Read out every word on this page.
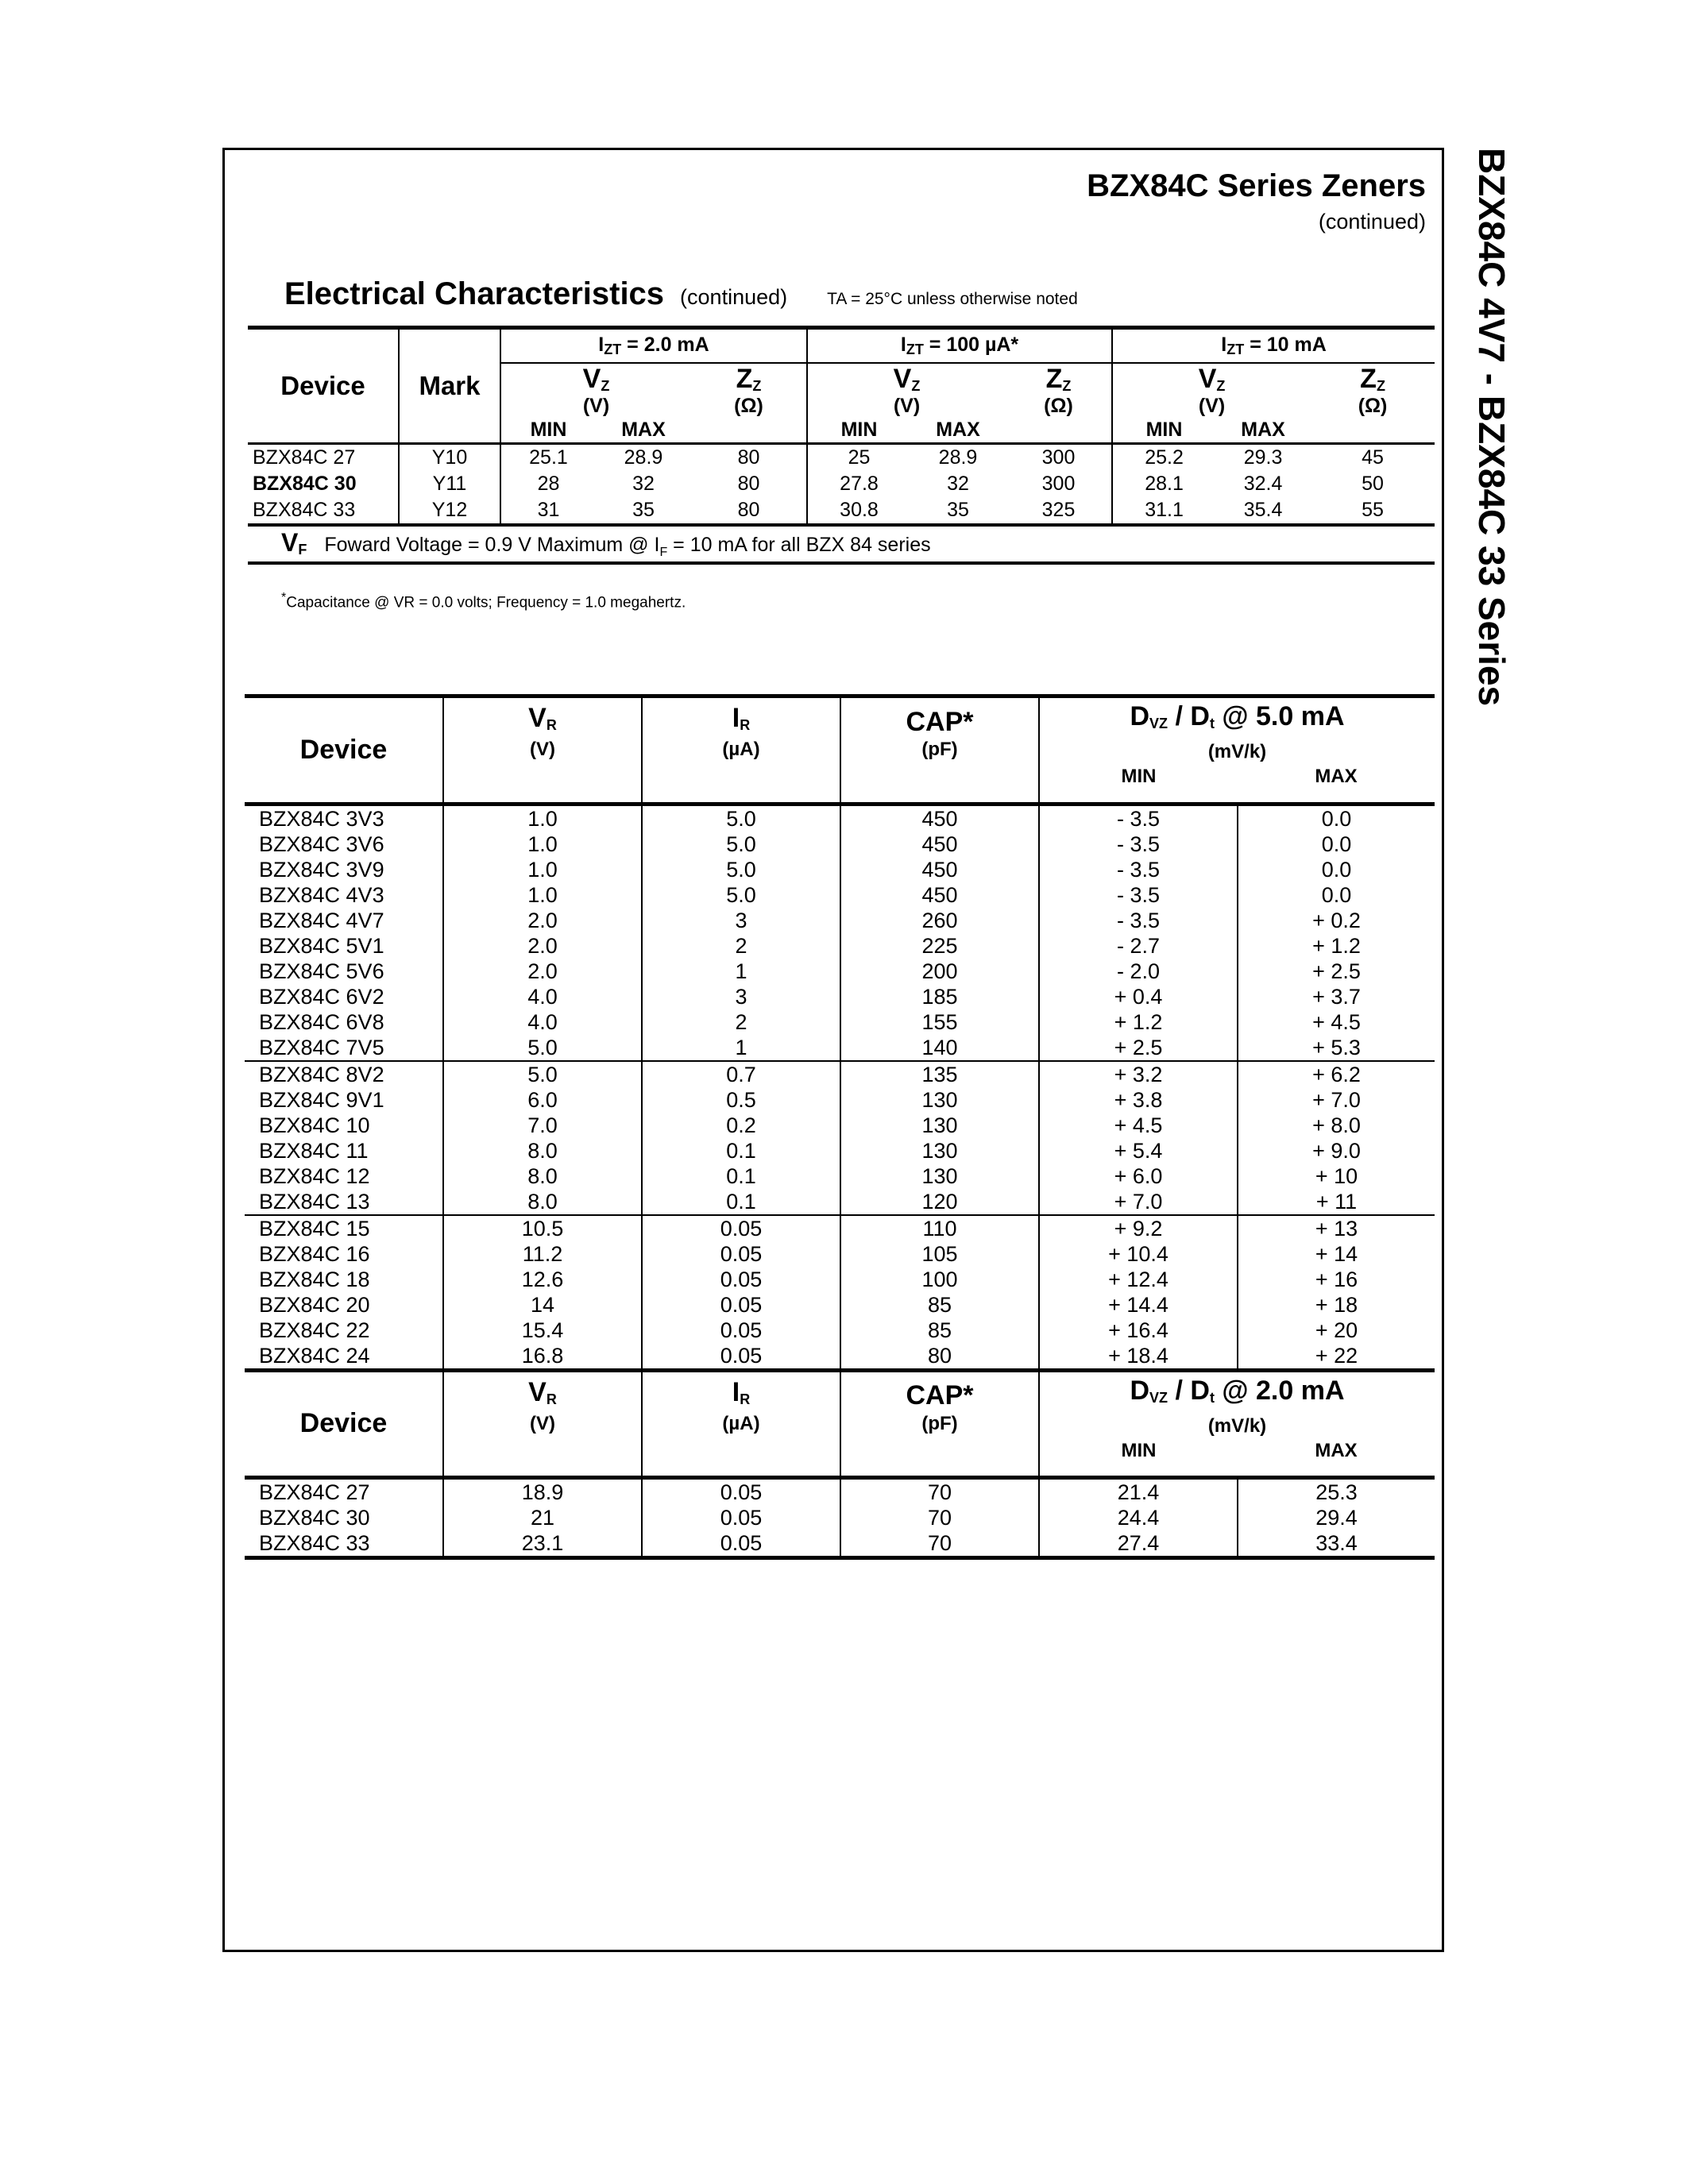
BZX84C 4V7 - BZX84C 33 Series
BZX84C Series Zeners
(continued)
Electrical Characteristics (continued) TA = 25°C unless otherwise noted
Device	Mark	IZT = 2.0 mA			IZT = 100 µA*			IZT = 10 mA		
		VZ		ZZ	VZ		ZZ	VZ		ZZ
		(V)		(Ω)	(V)		(Ω)	(V)		(Ω)
		MIN	MAX		MIN	MAX		MIN	MAX	
BZX84C 27	Y10	25.1	28.9	80	25	28.9	300	25.2	29.3	45
BZX84C 30	Y11	28	32	80	27.8	32	300	28.1	32.4	50
BZX84C 33	Y12	31	35	80	30.8	35	325	31.1	35.4	55
VF Foward Voltage = 0.9 V Maximum @ $I_F = 10$ mA for all BZX 84 series										
*Capacitance @ VR = 0.0 volts; Frequency = 1.0 megahertz.
Device	VR	IR	CAP*	DVZ / Dt @ 5.0 mA	
	(V)	(µA)	(pF)	(mV/k)	
				MIN	MAX
BZX84C 3V3	1.0	5.0	450	- 3.5	0.0
BZX84C 3V6	1.0	5.0	450	- 3.5	0.0
BZX84C 3V9	1.0	5.0	450	- 3.5	0.0
BZX84C 4V3	1.0	5.0	450	- 3.5	0.0
BZX84C 4V7	2.0	3	260	- 3.5	+ 0.2
BZX84C 5V1	2.0	2	225	- 2.7	+ 1.2
BZX84C 5V6	2.0	1	200	- 2.0	+ 2.5
BZX84C 6V2	4.0	3	185	+ 0.4	+ 3.7
BZX84C 6V8	4.0	2	155	+ 1.2	+ 4.5
BZX84C 7V5	5.0	1	140	+ 2.5	+ 5.3
BZX84C 8V2	5.0	0.7	135	+ 3.2	+ 6.2
BZX84C 9V1	6.0	0.5	130	+ 3.8	+ 7.0
BZX84C 10	7.0	0.2	130	+ 4.5	+ 8.0
BZX84C 11	8.0	0.1	130	+ 5.4	+ 9.0
BZX84C 12	8.0	0.1	130	+ 6.0	+ 10
BZX84C 13	8.0	0.1	120	+ 7.0	+ 11
BZX84C 15	10.5	0.05	110	+ 9.2	+ 13
BZX84C 16	11.2	0.05	105	+ 10.4	+ 14
BZX84C 18	12.6	0.05	100	+ 12.4	+ 16
BZX84C 20	14	0.05	85	+ 14.4	+ 18
BZX84C 22	15.4	0.05	85	+ 16.4	+ 20
BZX84C 24	16.8	0.05	80	+ 18.4	+ 22
Device	VR	IR	CAP*	DVZ / Dt @ 2.0 mA	
	(V)	(µA)	(pF)	(mV/k)	
				MIN	MAX
BZX84C 27	18.9	0.05	70	21.4	25.3
BZX84C 30	21	0.05	70	24.4	29.4
BZX84C 33	23.1	0.05	70	27.4	33.4
